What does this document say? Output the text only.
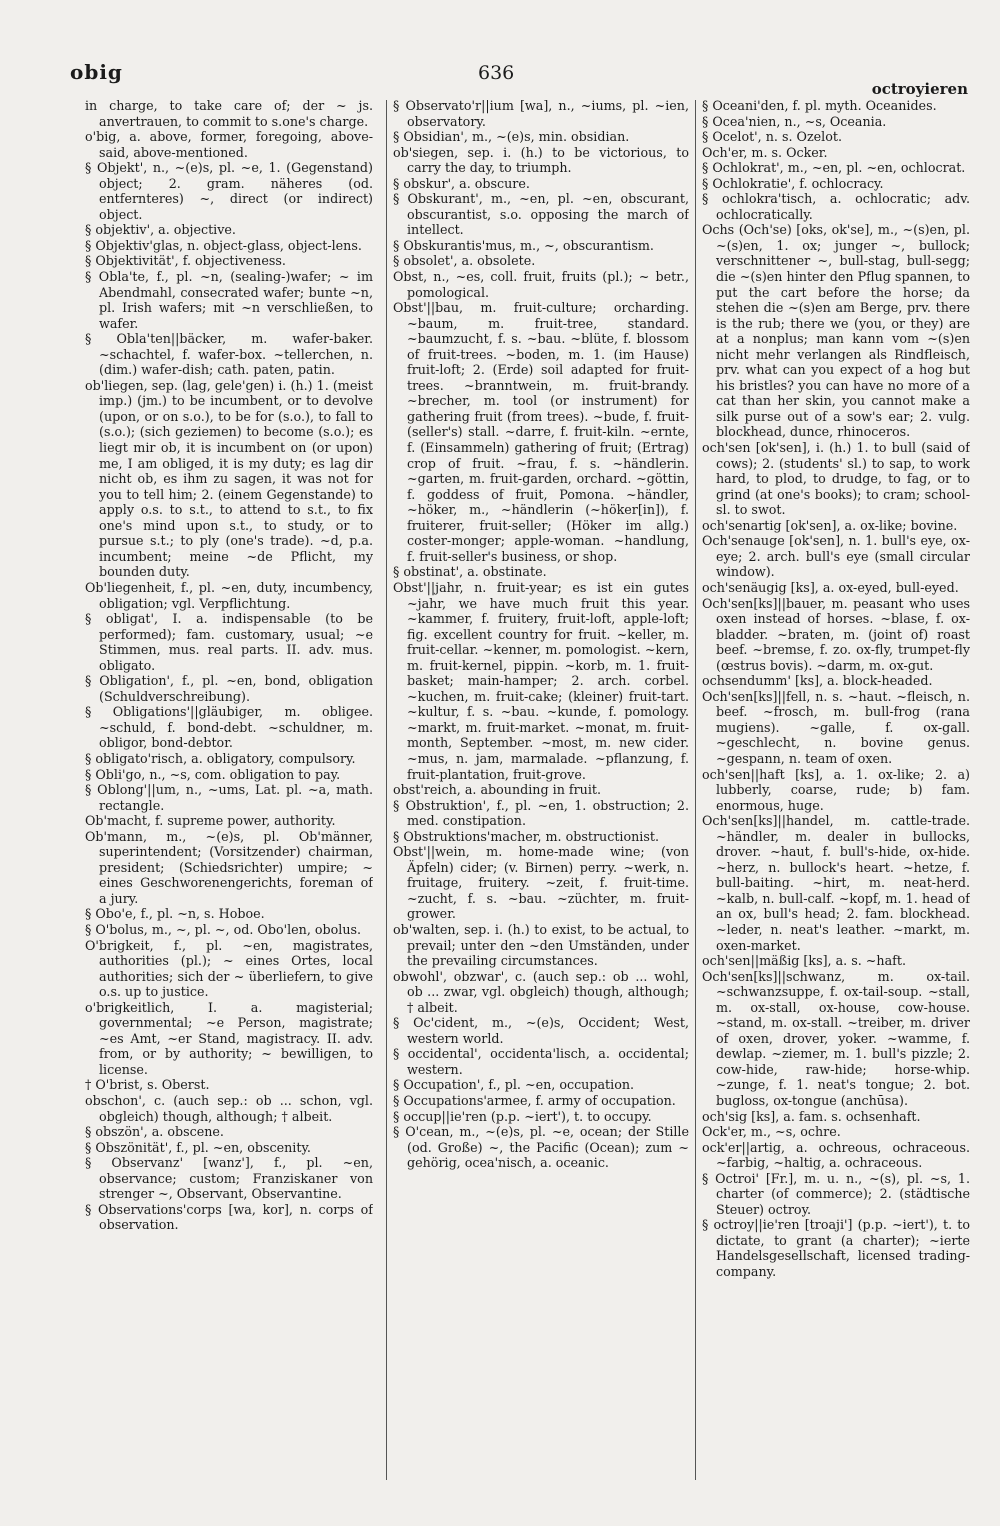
obig	636
octroyieren

in charge, to take care of; der ~ js. anvertrauen, to commit to s.one's charge.

o'big, a. above, former, foregoing, above-said, above-mentioned.

§ Objekt', n., ~(e)s, pl. ~e, 1. (Gegenstand) object; 2. gram. näheres (od. entfernteres) ~, direct (or indirect) object.

§ objektiv', a. objective.

§ Objektiv'glas, n. object-glass, object-lens.

§ Objektivität', f. objectiveness.

§ Obla'te, f., pl. ~n, (sealing-)wafer; ~ im Abendmahl, consecrated wafer; bunte ~n, pl. Irish wafers; mit ~n verschließen, to wafer.

§ Obla'ten||bäcker, m. wafer-baker. ~schachtel, f. wafer-box. ~tellerchen, n. (dim.) wafer-dish; cath. paten, patin.

ob'liegen, sep. (lag, gele'gen) i. (h.) 1. (meist imp.) (jm.) to be incumbent, or to devolve (upon, or on s.o.), to be for (s.o.), to fall to (s.o.); (sich geziemen) to become (s.o.); es liegt mir ob, it is incumbent on (or upon) me, I am obliged, it is my duty; es lag dir nicht ob, es ihm zu sagen, it was not for you to tell him; 2. (einem Gegenstande) to apply o.s. to s.t., to attend to s.t., to fix one's mind upon s.t., to study, or to pursue s.t.; to ply (one's trade). ~d, p.a. incumbent; meine ~de Pflicht, my bounden duty.

Ob'liegenheit, f., pl. ~en, duty, incumbency, obligation; vgl. Verpflichtung.

§ obligat', I. a. indispensable (to be performed); fam. customary, usual; ~e Stimmen, mus. real parts. II. adv. mus. obligato.

§ Obligation', f., pl. ~en, bond, obligation (Schuldverschreibung).

§ Obligations'||gläubiger, m. obligee. ~schuld, f. bond-debt. ~schuldner, m. obligor, bond-debtor.

§ obligato'risch, a. obligatory, compulsory.

§ Obli'go, n., ~s, com. obligation to pay.

§ Oblong'||um, n., ~ums, Lat. pl. ~a, math. rectangle.

Ob'macht, f. supreme power, authority.

Ob'mann, m., ~(e)s, pl. Ob'männer, superintendent; (Vorsitzender) chairman, president; (Schiedsrichter) umpire; ~ eines Geschworenengerichts, foreman of a jury.

§ Obo'e, f., pl. ~n, s. Hoboe.

§ O'bolus, m., ~, pl. ~, od. Obo'len, obolus.

O'brigkeit, f., pl. ~en, magistrates, authorities (pl.); ~ eines Ortes, local authorities; sich der ~ überliefern, to give o.s. up to justice.

o'brigkeitlich, I. a. magisterial; governmental; ~e Person, magistrate; ~es Amt, ~er Stand, magistracy. II. adv. from, or by authority; ~ bewilligen, to license.

† O'brist, s. Oberst.

obschon', c. (auch sep.: ob ... schon, vgl. obgleich) though, although; † albeit.

§ obszön', a. obscene.

§ Obszönität', f., pl. ~en, obscenity.

§ Observanz' [wanz'], f., pl. ~en, observance; custom; Franziskaner von strenger ~, Observant, Observantine.

§ Observations'corps [wa, kor], n. corps of observation.

§ Observato'r||ium [wa], n., ~iums, pl. ~ien, observatory.

§ Obsidian', m., ~(e)s, min. obsidian.

ob'siegen, sep. i. (h.) to be victorious, to carry the day, to triumph.

§ obskur', a. obscure.

§ Obskurant', m., ~en, pl. ~en, obscurant, obscurantist, s.o. opposing the march of intellect.

§ Obskurantis'mus, m., ~, obscurantism.

§ obsolet', a. obsolete.

Obst, n., ~es, coll. fruit, fruits (pl.); ~ betr., pomological.

Obst'||bau, m. fruit-culture; orcharding. ~baum, m. fruit-tree, standard. ~baumzucht, f. s. ~bau. ~blüte, f. blossom of fruit-trees. ~boden, m. 1. (im Hause) fruit-loft; 2. (Erde) soil adapted for fruit-trees. ~branntwein, m. fruit-brandy. ~brecher, m. tool (or instrument) for gathering fruit (from trees). ~bude, f. fruit-(seller's) stall. ~darre, f. fruit-kiln. ~ernte, f. (Einsammeln) gathering of fruit; (Ertrag) crop of fruit. ~frau, f. s. ~händlerin. ~garten, m. fruit-garden, orchard. ~göttin, f. goddess of fruit, Pomona. ~händler, ~höker, m., ~händlerin (~höker[in]), f. fruiterer, fruit-seller; (Höker im allg.) coster-monger; apple-woman. ~handlung, f. fruit-seller's business, or shop.

§ obstinat', a. obstinate.

Obst'||jahr, n. fruit-year; es ist ein gutes ~jahr, we have much fruit this year. ~kammer, f. fruitery, fruit-loft, apple-loft; fig. excellent country for fruit. ~keller, m. fruit-cellar. ~kenner, m. pomologist. ~kern, m. fruit-kernel, pippin. ~korb, m. 1. fruit-basket; main-hamper; 2. arch. corbel. ~kuchen, m. fruit-cake; (kleiner) fruit-tart. ~kultur, f. s. ~bau. ~kunde, f. pomology. ~markt, m. fruit-market. ~monat, m. fruit-month, September. ~most, m. new cider. ~mus, n. jam, marmalade. ~pflanzung, f. fruit-plantation, fruit-grove.

obst'reich, a. abounding in fruit.

§ Obstruktion', f., pl. ~en, 1. obstruction; 2. med. constipation.

§ Obstruktions'macher, m. obstructionist.

Obst'||wein, m. home-made wine; (von Äpfeln) cider; (v. Birnen) perry. ~werk, n. fruitage, fruitery. ~zeit, f. fruit-time. ~zucht, f. s. ~bau. ~züchter, m. fruit-grower.

ob'walten, sep. i. (h.) to exist, to be actual, to prevail; unter den ~den Umständen, under the prevailing circumstances.

obwohl', obzwar', c. (auch sep.: ob ... wohl, ob ... zwar, vgl. obgleich) though, although; † albeit.

§ Oc'cident, m., ~(e)s, Occident; West, western world.

§ occidental', occidenta'lisch, a. occidental; western.

§ Occupation', f., pl. ~en, occupation.

§ Occupations'armee, f. army of occupation.

§ occup||ie'ren (p.p. ~iert'), t. to occupy.

§ O'cean, m., ~(e)s, pl. ~e, ocean; der Stille (od. Große) ~, the Pacific (Ocean); zum ~ gehörig, ocea'nisch, a. oceanic.

§ Oceani'den, f. pl. myth. Oceanides.

§ Ocea'nien, n., ~s, Oceania.

§ Ocelot', n. s. Ozelot.

Och'er, m. s. Ocker.

§ Ochlokrat', m., ~en, pl. ~en, ochlocrat.

§ Ochlokratie', f. ochlocracy.

§ ochlokra'tisch, a. ochlocratic; adv. ochlocratically.

Ochs (Och'se) [oks, ok'se], m., ~(s)en, pl. ~(s)en, 1. ox; junger ~, bullock; verschnittener ~, bull-stag, bull-segg; die ~(s)en hinter den Pflug spannen, to put the cart before the horse; da stehen die ~(s)en am Berge, prv. there is the rub; there we (you, or they) are at a nonplus; man kann vom ~(s)en nicht mehr verlangen als Rindfleisch, prv. what can you expect of a hog but his bristles? you can have no more of a cat than her skin, you cannot make a silk purse out of a sow's ear; 2. vulg. blockhead, dunce, rhinoceros.

och'sen [ok'sen], i. (h.) 1. to bull (said of cows); 2. (students' sl.) to sap, to work hard, to plod, to drudge, to fag, or to grind (at one's books); to cram; school-sl. to swot.

och'senartig [ok'sen], a. ox-like; bovine.

Och'senauge [ok'sen], n. 1. bull's eye, ox-eye; 2. arch. bull's eye (small circular window).

och'senäugig [ks], a. ox-eyed, bull-eyed.

Och'sen[ks]||bauer, m. peasant who uses oxen instead of horses. ~blase, f. ox-bladder. ~braten, m. (joint of) roast beef. ~bremse, f. zo. ox-fly, trumpet-fly (œstrus bovis). ~darm, m. ox-gut.

ochsendumm' [ks], a. block-headed.

Och'sen[ks]||fell, n. s. ~haut. ~fleisch, n. beef. ~frosch, m. bull-frog (rana mugiens). ~galle, f. ox-gall. ~geschlecht, n. bovine genus. ~gespann, n. team of oxen.

och'sen||haft [ks], a. 1. ox-like; 2. a) lubberly, coarse, rude; b) fam. enormous, huge.

Och'sen[ks]||handel, m. cattle-trade. ~händler, m. dealer in bullocks, drover. ~haut, f. bull's-hide, ox-hide. ~herz, n. bullock's heart. ~hetze, f. bull-baiting. ~hirt, m. neat-herd. ~kalb, n. bull-calf. ~kopf, m. 1. head of an ox, bull's head; 2. fam. blockhead. ~leder, n. neat's leather. ~markt, m. oxen-market.

och'sen||mäßig [ks], a. s. ~haft.

Och'sen[ks]||schwanz, m. ox-tail. ~schwanzsuppe, f. ox-tail-soup. ~stall, m. ox-stall, ox-house, cow-house. ~stand, m. ox-stall. ~treiber, m. driver of oxen, drover, yoker. ~wamme, f. dewlap. ~ziemer, m. 1. bull's pizzle; 2. cow-hide, raw-hide; horse-whip. ~zunge, f. 1. neat's tongue; 2. bot. bugloss, ox-tongue (anchūsa).

och'sig [ks], a. fam. s. ochsenhaft.

Ock'er, m., ~s, ochre.

ock'er||artig, a. ochreous, ochraceous. ~farbig, ~haltig, a. ochraceous.

§ Octroi' [Fr.], m. u. n., ~(s), pl. ~s, 1. charter (of commerce); 2. (städtische Steuer) octroy.

§ octroy||ie'ren [troaji'] (p.p. ~iert'), t. to dictate, to grant (a charter); ~ierte Handelsgesellschaft, licensed trading-company.
